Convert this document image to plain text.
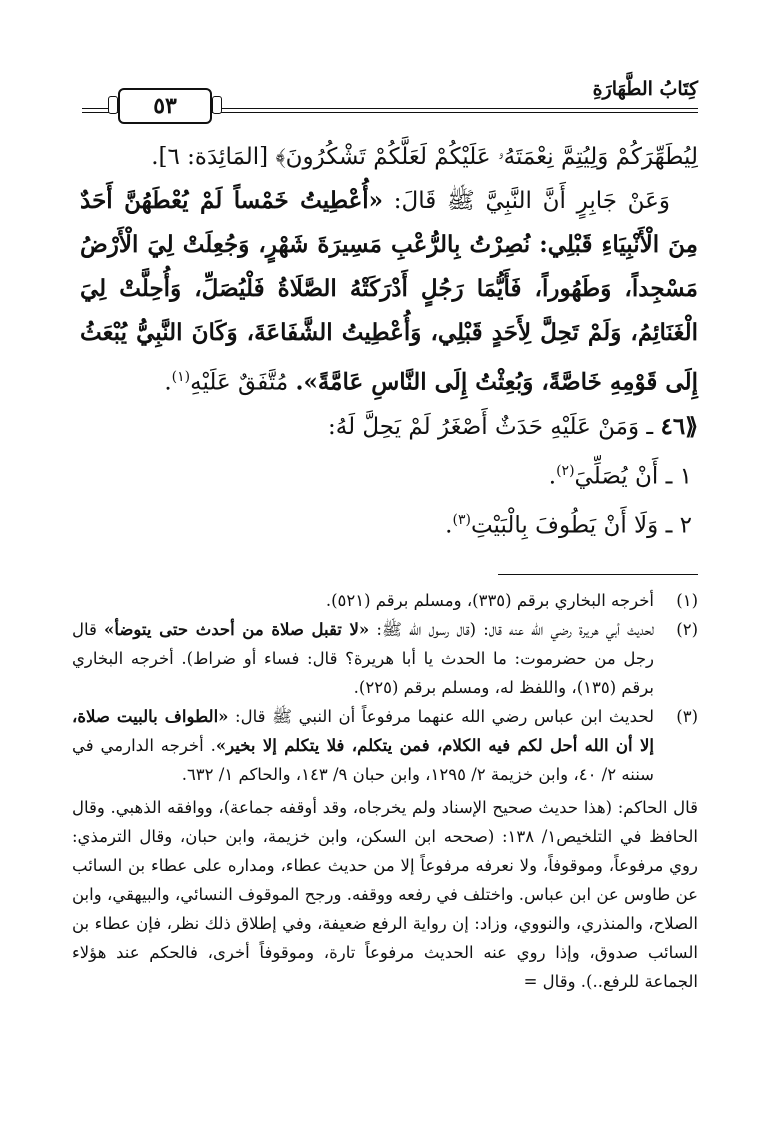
كِتَابُ الطَّهَارَةِ
٥٣

لِيُطَهِّرَكُمْ وَلِيُتِمَّ نِعْمَتَهُۥ عَلَيْكُمْ لَعَلَّكُمْ تَشْكُرُونَ﴾ [المَائِدَة: ٦].

وَعَنْ جَابِرٍ أَنَّ النَّبِيَّ ﷺ قَالَ: «أُعْطِيتُ خَمْساً لَمْ يُعْطَهُنَّ أَحَدٌ مِنَ الْأَنْبِيَاءِ قَبْلِي: نُصِرْتُ بِالرُّعْبِ مَسِيرَةَ شَهْرٍ، وَجُعِلَتْ لِيَ الْأَرْضُ مَسْجِداً، وَطَهُوراً، فَأَيُّمَا رَجُلٍ أَدْرَكَتْهُ الصَّلَاةُ فَلْيُصَلِّ، وَأُحِلَّتْ لِيَ الْغَنَائِمُ، وَلَمْ تَحِلَّ لِأَحَدٍ قَبْلِي، وَأُعْطِيتُ الشَّفَاعَةَ، وَكَانَ النَّبِيُّ يُبْعَثُ إِلَى قَوْمِهِ خَاصَّةً، وَبُعِثْتُ إِلَى النَّاسِ عَامَّةً». مُتَّفَقٌ عَلَيْهِ$^{(١)}$.

⟪٤٦ ـ وَمَنْ عَلَيْهِ حَدَثٌ أَصْغَرُ لَمْ يَحِلَّ لَهُ:

١ ـ أَنْ يُصَلِّيَ$^{(٢)}$.

٢ ـ وَلَا أَنْ يَطُوفَ بِالْبَيْتِ$^{(٣)}$.

(١)
أخرجه البخاري برقم (٣٣٥)، ومسلم برقم (٥٢١).
(٢)
لحديث أبي هريرة رضي الله عنه قال: (قال رسول الله ﷺ: «لا تقبل صلاة من أحدث حتى يتوضأ» قال رجل من حضرموت: ما الحدث يا أبا هريرة؟ قال: فساء أو ضراط). أخرجه البخاري برقم (١٣٥)، واللفظ له، ومسلم برقم (٢٢٥).
(٣)
لحديث ابن عباس رضي الله عنهما مرفوعاً أن النبي ﷺ قال: «الطواف بالبيت صلاة، إلا أن الله أحل لكم فيه الكلام، فمن يتكلم، فلا يتكلم إلا بخير». أخرجه الدارمي في سننه ٢/ ٤٠، وابن خزيمة ٢/ ١٢٩٥، وابن حبان ٩/ ١٤٣، والحاكم ١/ ٦٣٢.

قال الحاكم: (هذا حديث صحيح الإسناد ولم يخرجاه، وقد أوقفه جماعة)، ووافقه الذهبي. وقال الحافظ في التلخيص١/ ١٣٨: (صححه ابن السكن، وابن خزيمة، وابن حبان، وقال الترمذي: روي مرفوعاً، وموقوفاً، ولا نعرفه مرفوعاً إلا من حديث عطاء، ومداره على عطاء بن السائب عن طاوس عن ابن عباس. واختلف في رفعه ووقفه. ورجح الموقوف النسائي، والبيهقي، وابن الصلاح، والمنذري، والنووي، وزاد: إن رواية الرفع ضعيفة، وفي إطلاق ذلك نظر، فإن عطاء بن السائب صدوق، وإذا روي عنه الحديث مرفوعاً تارة، وموقوفاً أخرى، فالحكم عند هؤلاء الجماعة للرفع..). وقال =
